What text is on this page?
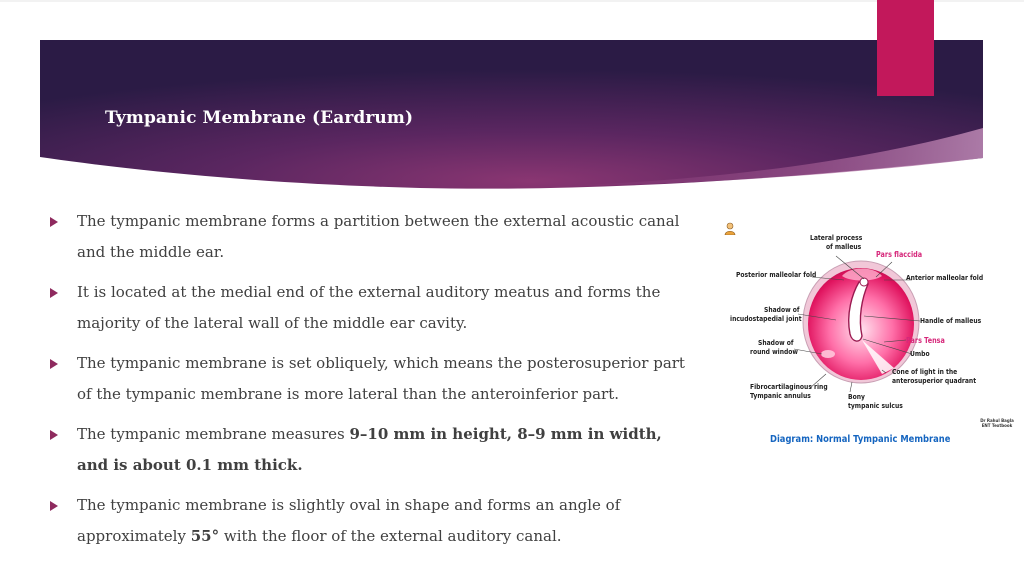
Tympanic Membrane (Eardrum)
The tympanic membrane forms a partition between the external acoustic canal and the middle ear.
It is located at the medial end of the external auditory meatus and forms the majority of the lateral wall of the middle ear cavity.
The tympanic membrane is set obliquely, which means the posterosuperior part of the tympanic membrane is more lateral than the anteroinferior part.
The tympanic membrane measures 9–10 mm in height, 8–9 mm in width, and is about 0.1 mm thick.
The tympanic membrane is slightly oval in shape and forms an angle of approximately 55° with the floor of the external auditory canal.
Lateral process
of malleus
Pars flaccida
Posterior malleolar fold	Anterior malleolar fold
Shadow of
incudostapedial joint	Handle of malleus
Pars Tensa
Shadow of
round window	Umbo
Cone of light in the
anterosuperior quadrant
Fibrocartilaginous ring
Tympanic annulus	Bony
tympanic sulcus
Dr Rahul Bagla
ENT Textbook
Diagram: Normal Tympanic Membrane
